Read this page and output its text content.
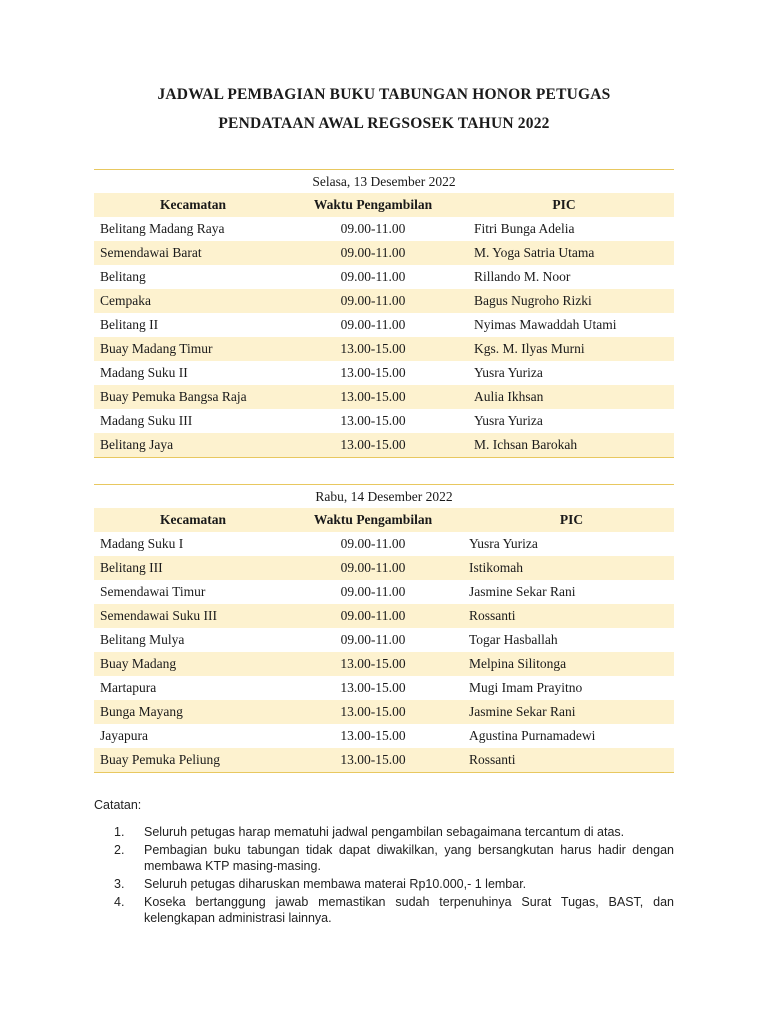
JADWAL PEMBAGIAN BUKU TABUNGAN HONOR PETUGAS
PENDATAAN AWAL REGSOSEK TAHUN 2022
Selasa, 13 Desember 2022
Kecamatan	Waktu Pengambilan	PIC
Belitang Madang Raya	09.00-11.00	Fitri Bunga Adelia
Semendawai Barat	09.00-11.00	M. Yoga Satria Utama
Belitang	09.00-11.00	Rillando M. Noor
Cempaka	09.00-11.00	Bagus Nugroho Rizki
Belitang II	09.00-11.00	Nyimas Mawaddah Utami
Buay Madang Timur	13.00-15.00	Kgs. M. Ilyas Murni
Madang Suku II	13.00-15.00	Yusra Yuriza
Buay Pemuka Bangsa Raja	13.00-15.00	Aulia Ikhsan
Madang Suku III	13.00-15.00	Yusra Yuriza
Belitang Jaya	13.00-15.00	M. Ichsan Barokah
Rabu, 14 Desember 2022
Kecamatan	Waktu Pengambilan	PIC
Madang Suku I	09.00-11.00	Yusra Yuriza
Belitang III	09.00-11.00	Istikomah
Semendawai Timur	09.00-11.00	Jasmine Sekar Rani
Semendawai Suku III	09.00-11.00	Rossanti
Belitang Mulya	09.00-11.00	Togar Hasballah
Buay Madang	13.00-15.00	Melpina Silitonga
Martapura	13.00-15.00	Mugi Imam Prayitno
Bunga Mayang	13.00-15.00	Jasmine Sekar Rani
Jayapura	13.00-15.00	Agustina Purnamadewi
Buay Pemuka Peliung	13.00-15.00	Rossanti
Catatan:
1.	Seluruh petugas harap mematuhi jadwal pengambilan sebagaimana tercantum di atas.
2.	Pembagian buku tabungan tidak dapat diwakilkan, yang bersangkutan harus hadir dengan membawa KTP masing-masing.
3.	Seluruh petugas diharuskan membawa materai Rp10.000,- 1 lembar.
4.	Koseka bertanggung jawab memastikan sudah terpenuhinya Surat Tugas, BAST, dan kelengkapan administrasi lainnya.
